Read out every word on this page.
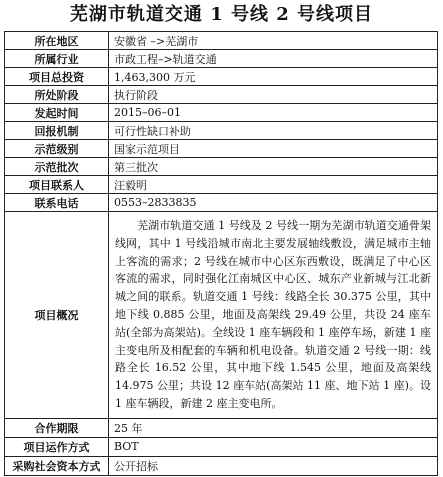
芜湖市轨道交通 1 号线 2 号线项目
所在地区	安徽省 –>芜湖市
所属行业	市政工程–>轨道交通
项目总投资	1,463,300 万元
所处阶段	执行阶段
发起时间	2015–06–01
回报机制	可行性缺口补助
示范级别	国家示范项目
示范批次	第三批次
项目联系人	汪毅明
联系电话	0553–2833835
项目概况	芜湖市轨道交通 1 号线及 2 号线一期为芜湖市轨道交通骨架线网，其中 1 号线沿城市南北主要发展轴线敷设，满足城市主轴上客流的需求；2 号线在城市中心区东西敷设，既满足了中心区客流的需求，同时强化江南城区中心区、城东产业新城与江北新城之间的联系。轨道交通 1 号线：线路全长 30.375 公里，其中地下线 0.885 公里，地面及高架线 29.49 公里，共设 24 座车站(全部为高架站)。全线设 1 座车辆段和 1 座停车场，新建 1 座主变电所及相配套的车辆和机电设备。轨道交通 2 号线一期：线路全长 16.52 公里，其中地下线 1.545 公里，地面及高架线 14.975 公里；共设 12 座车站(高架站 11 座、地下站 1 座)。设 1 座车辆段，新建 2 座主变电所。
合作期限	25 年
项目运作方式	BOT
采购社会资本方式	公开招标
